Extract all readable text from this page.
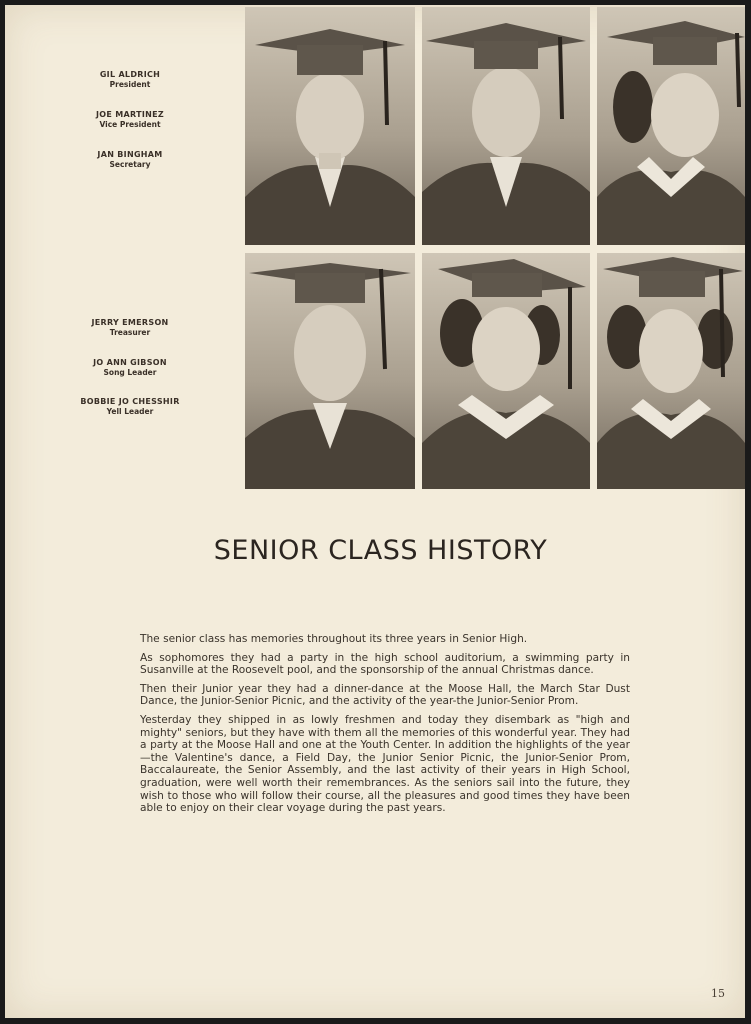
GIL ALDRICH
President
JOE MARTINEZ
Vice President
JAN BINGHAM
Secretary
JERRY EMERSON
Treasurer
JO ANN GIBSON
Song Leader
BOBBIE JO CHESSHIR
Yell Leader
SENIOR CLASS HISTORY

The senior class has memories throughout its three years in Senior High.

As sophomores they had a party in the high school auditorium, a swimming party in Susanville at the Roosevelt pool, and the sponsorship of the annual Christmas dance.

Then their Junior year they had a dinner-dance at the Moose Hall, the March Star Dust Dance, the Junior-Senior Picnic, and the activity of the year-the Junior-Senior Prom.

Yesterday they shipped in as lowly freshmen and today they disembark as "high and mighty" seniors, but they have with them all the memories of this wonderful year. They had a party at the Moose Hall and one at the Youth Center. In addition the highlights of the year—the Valentine's dance, a Field Day, the Junior Senior Picnic, the Junior-Senior Prom, Baccalaureate, the Senior Assembly, and the last activity of their years in High School, graduation, were well worth their remembrances. As the seniors sail into the future, they wish to those who will follow their course, all the pleasures and good times they have been able to enjoy on their clear voyage during the past years.

15
